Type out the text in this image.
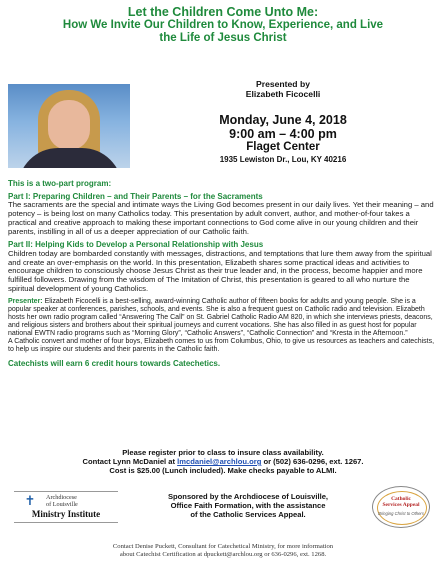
Let the Children Come Unto Me:
How We Invite Our Children to Know, Experience, and Live
the Life of Jesus Christ
Presented by
Elizabeth Ficocelli
Monday, June 4, 2018
9:00 am – 4:00 pm
Flaget Center
1935 Lewiston Dr., Lou, KY 40216

This is a two-part program:

Part I: Preparing Children – and Their Parents – for the Sacraments
The sacraments are the special and intimate ways the Living God becomes present in our daily lives. Yet their meaning – and potency – is being lost on many Catholics today. This presentation by adult convert, author, and mother-of-four takes a practical and creative approach to making these important connections to God come alive in our young children and their parents, instilling in all of us a deeper appreciation of our Catholic faith.

Part II: Helping Kids to Develop a Personal Relationship with Jesus
Children today are bombarded constantly with messages, distractions, and temptations that lure them away from the spiritual and create an over-emphasis on the world. In this presentation, Elizabeth shares some practical ideas and activities to encourage children to consciously choose Jesus Christ as their true leader and, in the process, become happier and more fulfilled followers. Drawing from the wisdom of The Imitation of Christ, this presentation is geared to all who nurture the spiritual development of young Catholics.

Presenter: Elizabeth Ficocelli is a best-selling, award-winning Catholic author of fifteen books for adults and young people. She is a popular speaker at conferences, parishes, schools, and events. She is also a frequent guest on Catholic radio and television. Elizabeth hosts her own radio program called “Answering The Call” on St. Gabriel Catholic Radio AM 820, in which she interviews priests, deacons, and religious sisters and brothers about their spiritual journeys and current vocations. She has also filled in as guest host for popular national EWTN radio programs such as “Morning Glory”, “Catholic Answers”, “Catholic Connection” and “Kresta in the Afternoon.”

A Catholic convert and mother of four boys, Elizabeth comes to us from Columbus, Ohio, to give us resources as teachers and catechists, to help us inspire our students and their parents in the Catholic faith.

Catechists will earn 6 credit hours towards Catechetics.

Please register prior to class to insure class availability.
Contact Lynn McDaniel at lmcdaniel@archlou.org or (502) 636-0296, ext. 1267.
Cost is $25.00 (Lunch included). Make checks payable to ALMI.
✝	Archdiocese
of Louisville
Ministry Institute
Sponsored by the Archdiocese of Louisville,
Office Faith Formation, with the assistance
of the Catholic Services Appeal.
Catholic
Services Appeal
Bringing Christ to Others
Contact Denise Puckett, Consultant for Catechetical Ministry, for more information
about Catechist Certification at dpuckett@archlou.org or 636-0296, ext. 1268.
